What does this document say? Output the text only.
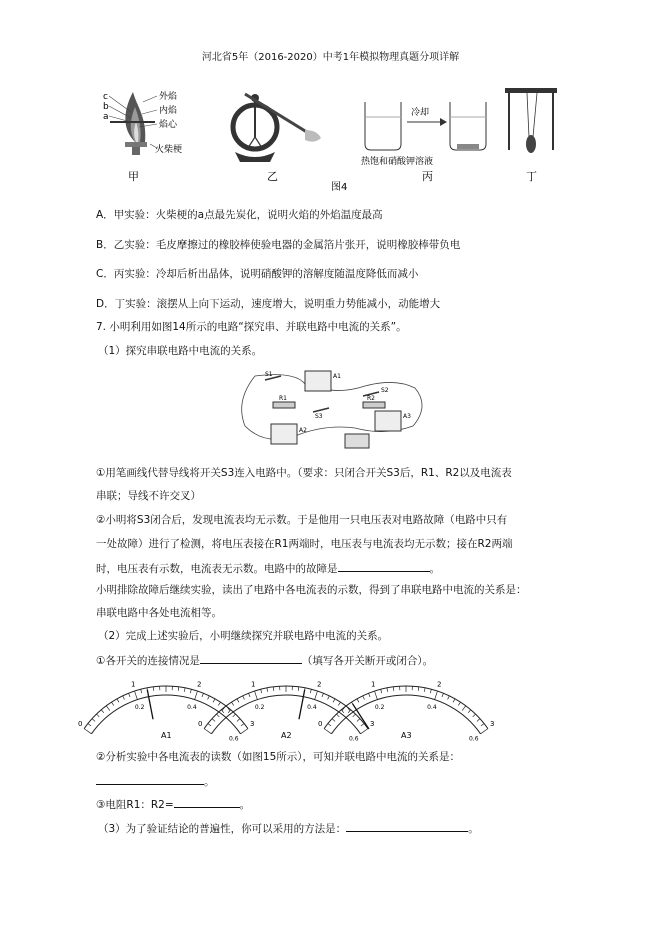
河北省5年（2016-2020）中考1年模拟物理真题分项详解
c
b
a
外焰
内焰
焰心
火柴梗
甲	乙
冷却
热饱和硝酸钾溶液
丙	丁
图4
A．甲实验：火柴梗的a点最先炭化，说明火焰的外焰温度最高
B．乙实验：毛皮摩擦过的橡胶棒使验电器的金属箔片张开，说明橡胶棒带负电
C．丙实验：冷却后析出晶体，说明硝酸钾的溶解度随温度降低而减小
D．丁实验：滚摆从上向下运动，速度增大，说明重力势能减小，动能增大
7. 小明利用如图14所示的电路“探究串、并联电路中电流的关系”。
（1）探究串联电路中电流的关系。
A1
A2
A3
S1
S2
S3
R1	R2
①用笔画线代替导线将开关S3连入电路中。（要求：只闭合开关S3后，R1、R2以及电流表
串联；导线不许交叉）
②小明将S3闭合后，发现电流表均无示数。于是他用一只电压表对电路故障（电路中只有
一处故障）进行了检测，将电压表接在R1两端时，电压表与电流表均无示数；接在R2两端
时，电压表有示数，电流表无示数。电路中的故障是	。
小明排除故障后继续实验，读出了电路中各电流表的示数，得到了串联电路中电流的关系是：
串联电路中各处电流相等。
（2）完成上述实验后，小明继续探究并联电路中电流的关系。
①各开关的连接情况是	（填写各开关断开或闭合）。
0
1	2
3
0.2	0.4
0.6
A1
0
1	2
3
0.2	0.4
0.6
A2
0
1	2
3
0.2	0.4
0.6
A3
②分析实验中各电流表的读数（如图15所示），可知并联电路中电流的关系是：
。
③电阻R1：R2=	。
（3）为了验证结论的普遍性，你可以采用的方法是：	。
